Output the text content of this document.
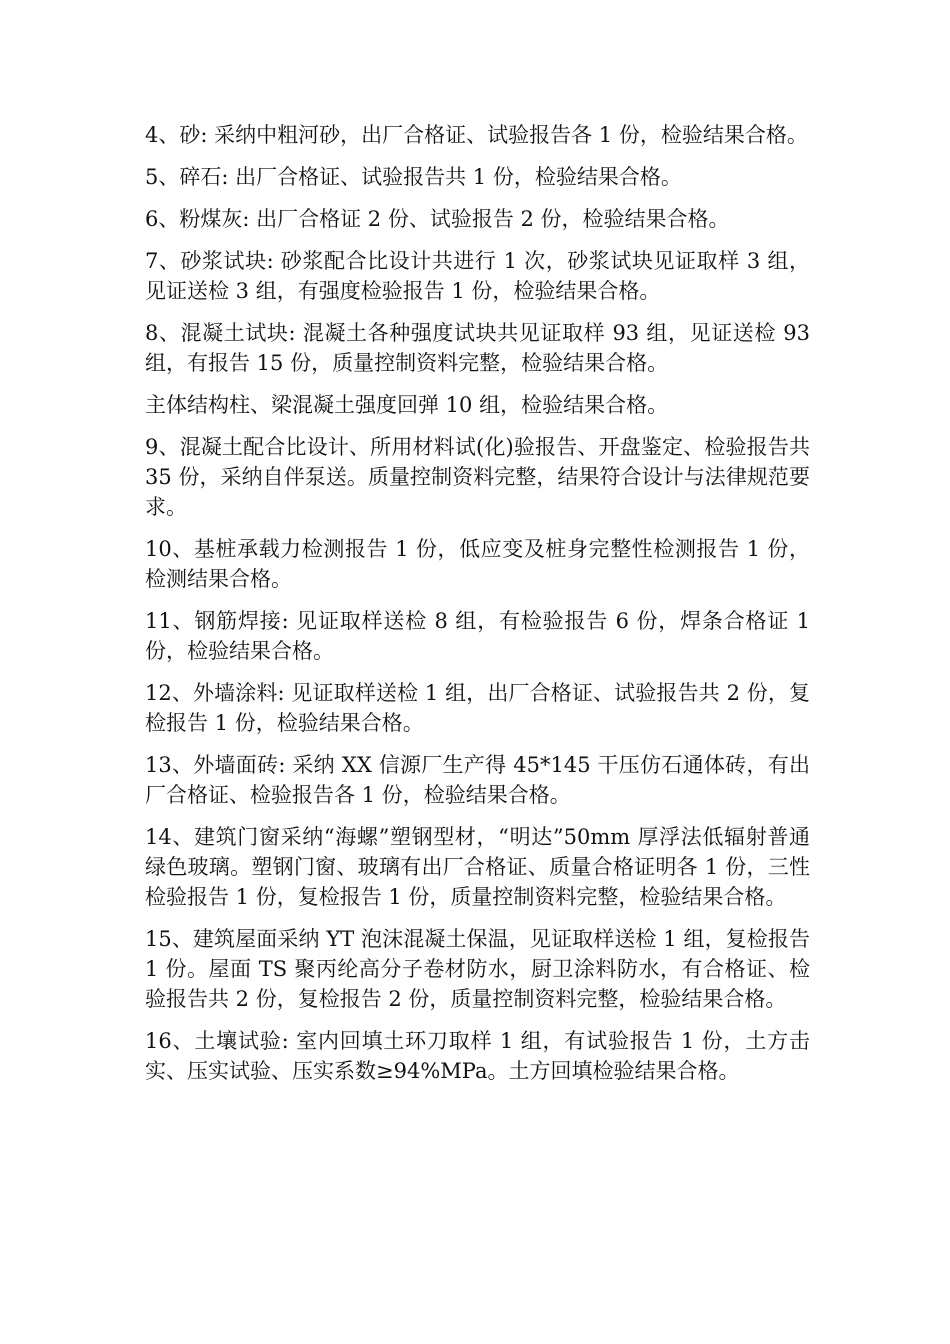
4、砂: 采纳中粗河砂，出厂合格证、试验报告各 1 份，检验结果合格。

5、碎石: 出厂合格证、试验报告共 1 份，检验结果合格。

6、粉煤灰: 出厂合格证 2 份、试验报告 2 份，检验结果合格。

7、砂浆试块: 砂浆配合比设计共进行 1 次，砂浆试块见证取样 3 组，见证送检 3 组，有强度检验报告 1 份，检验结果合格。

8、混凝土试块: 混凝土各种强度试块共见证取样 93 组，见证送检 93 组，有报告 15 份，质量控制资料完整，检验结果合格。

主体结构柱、梁混凝土强度回弹 10 组，检验结果合格。

9、混凝土配合比设计、所用材料试(化)验报告、开盘鉴定、检验报告共 35 份，采纳自伴泵送。质量控制资料完整，结果符合设计与法律规范要求。

10、基桩承载力检测报告 1 份，低应变及桩身完整性检测报告 1 份，检测结果合格。

11、钢筋焊接: 见证取样送检 8 组，有检验报告 6 份，焊条合格证 1 份，检验结果合格。

12、外墙涂料: 见证取样送检 1 组，出厂合格证、试验报告共 2 份，复检报告 1 份，检验结果合格。

13、外墙面砖: 采纳 XX 信源厂生产得 45*145 干压仿石通体砖，有出厂合格证、检验报告各 1 份，检验结果合格。

14、建筑门窗采纳“海螺”塑钢型材，“明达”50mm 厚浮法低辐射普通绿色玻璃。塑钢门窗、玻璃有出厂合格证、质量合格证明各 1 份，三性检验报告 1 份，复检报告 1 份，质量控制资料完整，检验结果合格。

15、建筑屋面采纳 YT 泡沫混凝土保温，见证取样送检 1 组，复检报告 1 份。屋面 TS 聚丙纶高分子卷材防水，厨卫涂料防水，有合格证、检验报告共 2 份，复检报告 2 份，质量控制资料完整，检验结果合格。

16、土壤试验: 室内回填土环刀取样 1 组，有试验报告 1 份，土方击实、压实试验、压实系数≥94%MPa。土方回填检验结果合格。
